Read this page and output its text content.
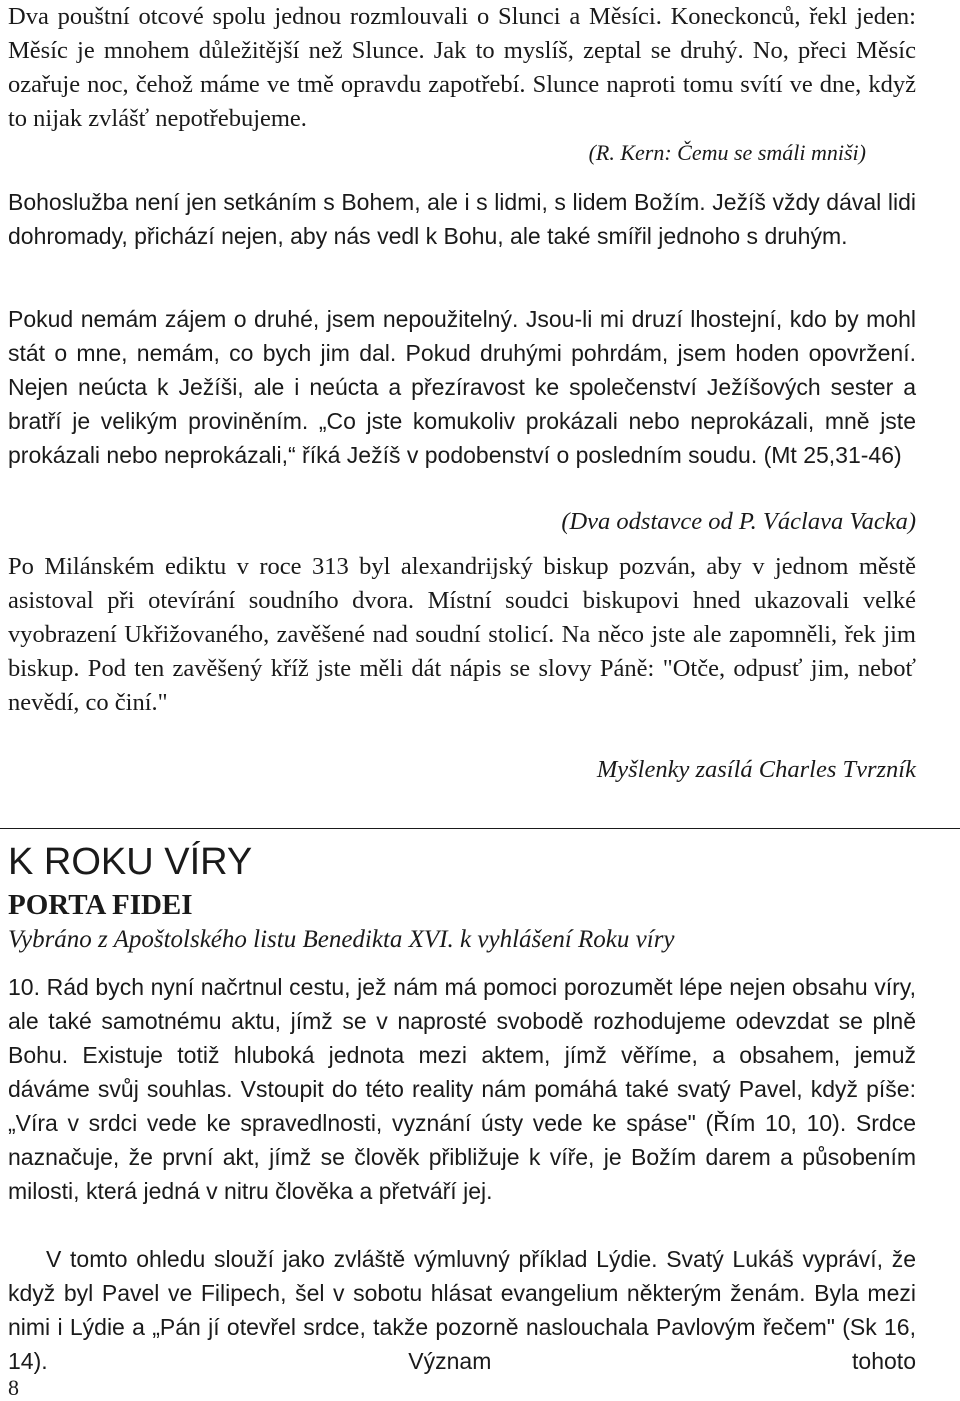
Dva pouštní otcové spolu jednou rozmlouvali o Slunci a Měsíci. Koneckonců, řekl jeden: Měsíc je mnohem důležitější než Slunce. Jak to myslíš, zeptal se druhý. No, přeci Měsíc ozařuje noc, čehož máme ve tmě opravdu zapotřebí. Slunce naproti tomu svítí ve dne, když to nijak zvlášť nepotřebujeme.

(R. Kern: Čemu se smáli mniši)

Bohoslužba není jen setkáním s Bohem, ale i s lidmi, s lidem Božím. Ježíš vždy dával lidi dohromady, přichází nejen, aby nás vedl k Bohu, ale také smířil jednoho s druhým.

Pokud nemám zájem o druhé, jsem nepoužitelný. Jsou-li mi druzí lhostejní, kdo by mohl stát o mne, nemám, co bych jim dal. Pokud druhými pohrdám, jsem hoden opovržení. Nejen neúcta k Ježíši, ale i neúcta a přezíravost ke společenství Ježíšových sester a bratří je velikým proviněním. „Co jste komukoliv prokázali nebo neprokázali, mně jste prokázali nebo neprokázali,“ říká Ježíš v podobenství o posledním soudu. (Mt 25,31-46)

(Dva odstavce od P. Václava Vacka)

Po Milánském ediktu v roce 313 byl alexandrijský biskup pozván, aby v jednom městě asistoval při otevírání soudního dvora. Místní soudci biskupovi hned ukazovali velké vyobrazení Ukřižovaného, zavěšené nad soudní stolicí. Na něco jste ale zapomněli, řek jim biskup. Pod ten zavěšený kříž jste měli dát nápis se slovy Páně: "Otče, odpusť jim, neboť nevědí, co činí."

Myšlenky zasílá Charles Tvrzník
K ROKU VÍRY
PORTA FIDEI
Vybráno z Apoštolského listu Benedikta XVI. k vyhlášení Roku víry

10. Rád bych nyní načrtnul cestu, jež nám má pomoci porozumět lépe nejen obsahu víry, ale také samotnému aktu, jímž se v naprosté svobodě rozhodujeme odevzdat se plně Bohu. Existuje totiž hluboká jednota mezi aktem, jímž věříme, a obsahem, jemuž dáváme svůj souhlas. Vstoupit do této reality nám pomáhá také svatý Pavel, když píše: „Víra v srdci vede ke spravedlnosti, vyznání ústy vede ke spáse" (Řím 10, 10). Srdce naznačuje, že první akt, jímž se člověk přibližuje k víře, je Božím darem a působením milosti, která jedná v nitru člověka a přetváří jej.

V tomto ohledu slouží jako zvláště výmluvný příklad Lýdie. Svatý Lukáš vypráví, že když byl Pavel ve Filipech, šel v sobotu hlásat evangelium některým ženám. Byla mezi nimi i Lýdie a „Pán jí otevřel srdce, takže pozorně naslouchala Pavlovým řečem" (Sk 16, 14). Význam tohoto

8
